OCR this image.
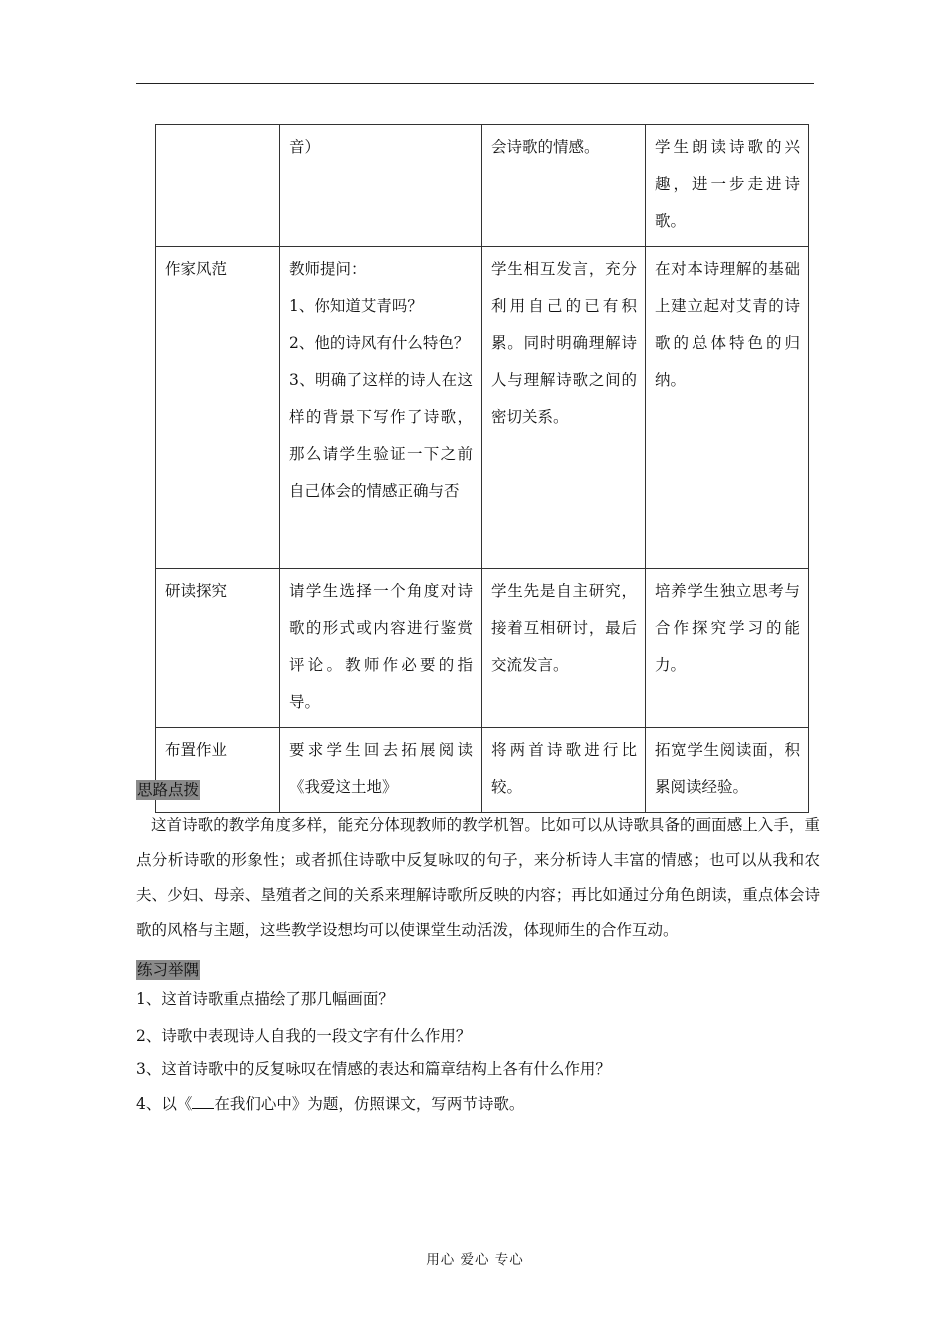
	音）	会诗歌的情感。	学生朗读诗歌的兴趣，进一步走进诗歌。

作家风范	教师提问：

1、你知道艾青吗？

2、他的诗风有什么特色？

3、明确了这样的诗人在这样的背景下写作了诗歌，那么请学生验证一下之前自己体会的情感正确与否	学生相互发言，充分利用自己的已有积累。同时明确理解诗人与理解诗歌之间的密切关系。	在对本诗理解的基础上建立起对艾青的诗歌的总体特色的归纳。

研读探究	请学生选择一个角度对诗歌的形式或内容进行鉴赏评论。教师作必要的指导。	学生先是自主研究，接着互相研讨，最后交流发言。	培养学生独立思考与合作探究学习的能力。

布置作业	要求学生回去拓展阅读《我爱这土地》	将两首诗歌进行比较。	拓宽学生阅读面，积累阅读经验。

思路点拨
这首诗歌的教学角度多样，能充分体现教师的教学机智。比如可以从诗歌具备的画面感上入手，重点分析诗歌的形象性；或者抓住诗歌中反复咏叹的句子，来分析诗人丰富的情感；也可以从我和农夫、少妇、母亲、垦殖者之间的关系来理解诗歌所反映的内容；再比如通过分角色朗读，重点体会诗歌的风格与主题，这些教学设想均可以使课堂生动活泼，体现师生的合作互动。
练习举隅
1、这首诗歌重点描绘了那几幅画面？
2、诗歌中表现诗人自我的一段文字有什么作用？
3、这首诗歌中的反复咏叹在情感的表达和篇章结构上各有什么作用？
4、以《 在我们心中》为题，仿照课文，写两节诗歌。
用心 爱心 专心
